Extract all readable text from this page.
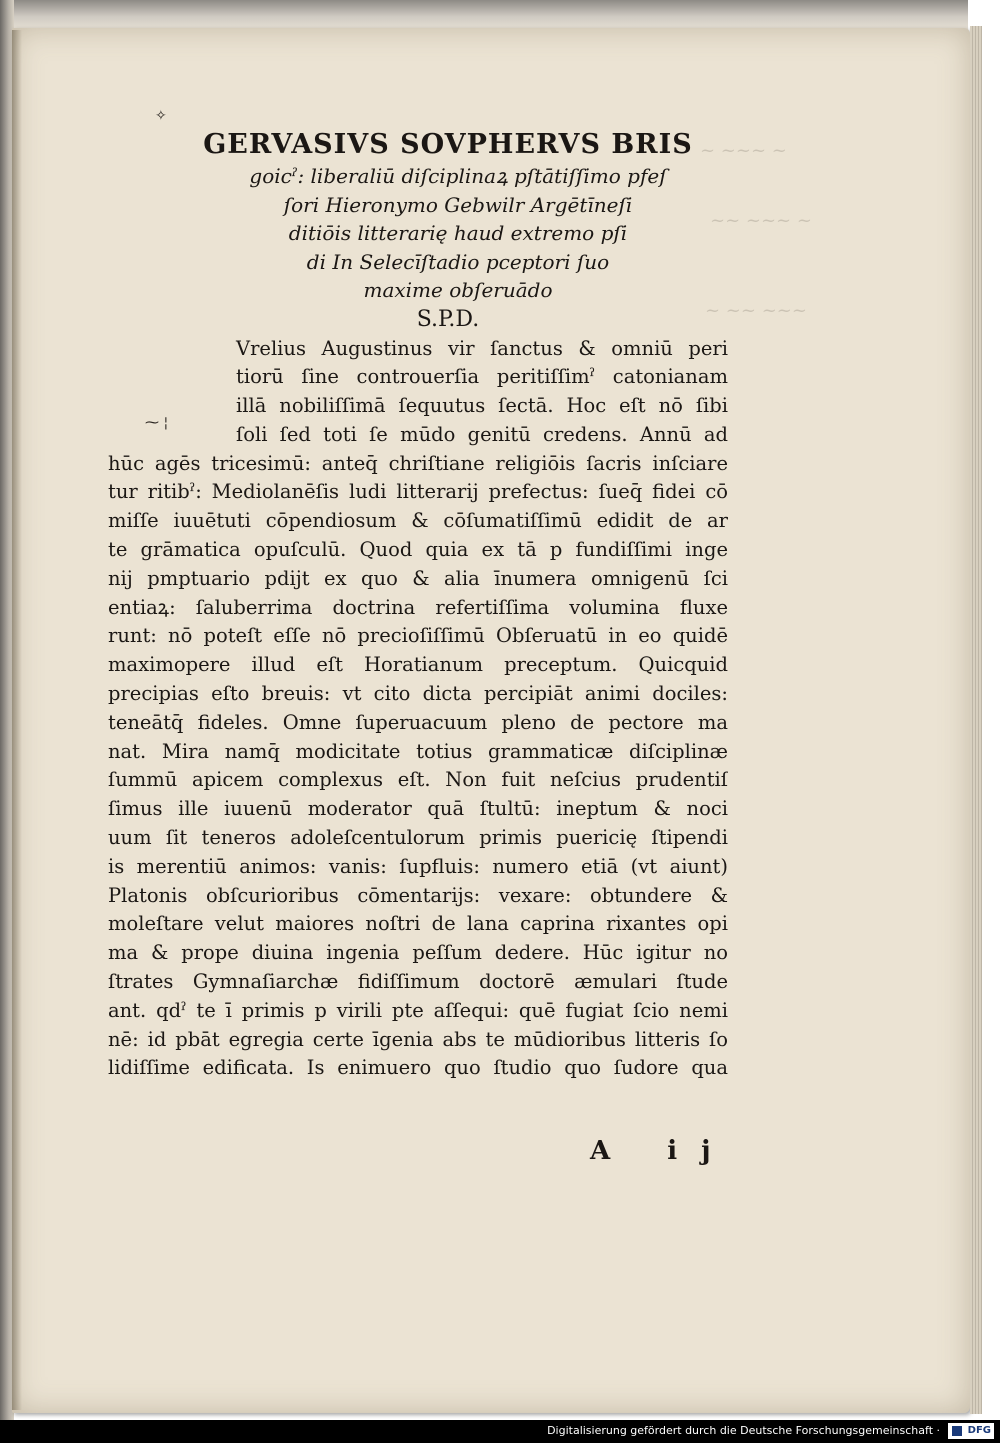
~ ~~~ ~
~~ ~~~ ~
~ ~~ ~~~
✧
⁓ ¦
GERVASIVS SOVPHERVS BRIS
goicˀ: liberaliū diſciplinaꝝ pſtātiſſimo pfeſ
ſori Hieronymo Gebwilr Argētīneſi
ditiōis litterarię haud extremo pſi
di In Selecīſtadio pceptori ſuo
maxime obſeruādo
S.P.D.
Vrelius Augustinus vir ſanctus & omniū peri
tiorū ſine controuerſia peritiſſimˀ catonianam
illā nobiliſſimā ſequutus ſectā. Hoc eſt nō ſibi
ſoli ſed toti ſe mūdo genitū credens. Annū ad
hūc agēs tricesimū: anteq̄ chriſtiane religiōis ſacris inſciare
tur ritibˀ: Mediolanēſis ludi litterarij prefectus: ſueq̄ fidei cō
miſſe iuuētuti cōpendiosum & cōſumatiſſimū edidit de ar
te grāmatica opuſculū. Quod quia ex tā p fundiſſimi inge
nij pmptuario pdijt ex quo & alia īnumera omnigenū ſci
entiaꝝ: ſaluberrima doctrina refertiſſima volumina fluxe
runt: nō poteſt eſſe nō precioſiſſimū Obſeruatū in eo quidē
maximopere illud eſt Horatianum preceptum. Quicquid
precipias eſto breuis: vt cito dicta percipiāt animi dociles:
teneātq̄ fideles. Omne ſuperuacuum pleno de pectore ma
nat. Mira namq̄ modicitate totius grammaticæ diſciplinæ
ſummū apicem complexus eſt. Non fuit neſcius prudentiſ
ſimus ille iuuenū moderator quā ſtultū: ineptum & noci
uum ſit teneros adoleſcentulorum primis puericię ſtipendi
is merentiū animos: vanis: ſupfluis: numero etiā (vt aiunt)
Platonis obſcurioribus cōmentarijs: vexare: obtundere &
moleſtare velut maiores noſtri de lana caprina rixantes opi
ma & prope diuina ingenia peſſum dedere. Hūc igitur no
ſtrates Gymnaſiarchæ fidiſſimum doctorē æmulari ſtude
ant. qdˀ te ī primis p virili pte aſſequi: quē fugiat ſcio nemi
nē: id pbāt egregia certe īgenia abs te mūdioribus litteris ſo
lidiſſime edificata. Is enimuero quo ſtudio quo ſudore qua
A ij
Digitalisierung gefördert durch die Deutsche Forschungsgemeinschaft ·	DFG
